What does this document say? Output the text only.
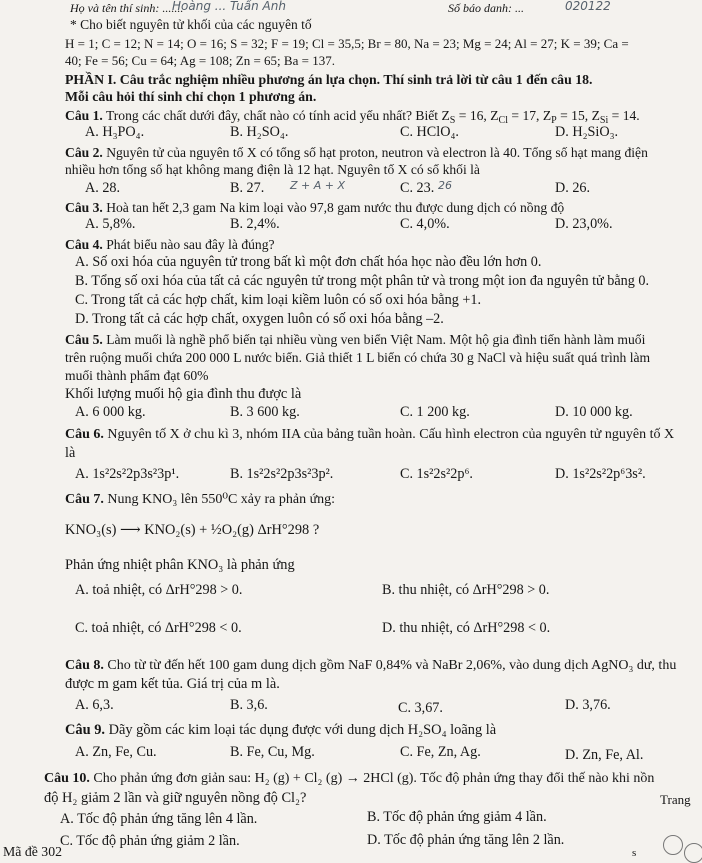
Họ và tên thí sinh: .......
Hoàng ... Tuấn Anh	Số báo danh: ...	020122
* Cho biết nguyên tử khối của các nguyên tố
H = 1; C = 12; N = 14; O = 16; S = 32; F = 19; Cl = 35,5; Br = 80, Na = 23; Mg = 24; Al = 27; K = 39; Ca =
40; Fe = 56; Cu = 64; Ag = 108; Zn = 65; Ba = 137.
PHẦN I. Câu trắc nghiệm nhiều phương án lựa chọn. Thí sinh trả lời từ câu 1 đến câu 18.
Mỗi câu hỏi thí sinh chỉ chọn 1 phương án.
Câu 1. Trong các chất dưới đây, chất nào có tính acid yếu nhất? Biết $Z_S = 16$, $Z_{Cl} = 17$, $Z_P = 15$, $Z_{Si} = 14$.
A. H₃PO₄.	B. H₂SO₄.	C. HClO₄.	D. H₂SiO₃.
Câu 2. Nguyên tử của nguyên tố X có tổng số hạt proton, neutron và electron là 40. Tổng số hạt mang điện
nhiều hơn tổng số hạt không mang điện là 12 hạt. Nguyên tố X có số khối là
A. 28.	B. 27. Z + A + X	C. 23. 26	D. 26.
Câu 3. Hoà tan hết 2,3 gam Na kim loại vào 97,8 gam nước thu được dung dịch có nồng độ
A. 5,8%.	B. 2,4%.	C. 4,0%.	D. 23,0%.
Câu 4. Phát biểu nào sau đây là đúng?
A. Số oxi hóa của nguyên tử trong bất kì một đơn chất hóa học nào đều lớn hơn 0.
B. Tổng số oxi hóa của tất cả các nguyên tử trong một phân tử và trong một ion đa nguyên tử bằng 0.
C. Trong tất cả các hợp chất, kim loại kiềm luôn có số oxi hóa bằng +1.
D. Trong tất cả các hợp chất, oxygen luôn có số oxi hóa bằng –2.
Câu 5. Làm muối là nghề phổ biến tại nhiều vùng ven biển Việt Nam. Một hộ gia đình tiến hành làm muối
trên ruộng muối chứa 200 000 L nước biển. Giả thiết 1 L biển có chứa 30 g NaCl và hiệu suất quá trình làm
muối thành phẩm đạt 60%
Khối lượng muối hộ gia đình thu được là
A. 6 000 kg.	B. 3 600 kg.	C. 1 200 kg.	D. 10 000 kg.
Câu 6. Nguyên tố X ở chu kì 3, nhóm IIA của bảng tuần hoàn. Cấu hình electron của nguyên tử nguyên tố X
là
A. 1s²2s²2p3s²3p¹.	B. 1s²2s²2p3s²3p².	C. 1s²2s²2p⁶.	D. 1s²2s²2p⁶3s².
Câu 7. Nung KNO₃ lên 550⁰C xảy ra phản ứng:
KNO₃(s) ⟶ KNO₂(s) + ½O₂(g) ΔrH°298 ?
Phản ứng nhiệt phân KNO₃ là phản ứng
A. toả nhiệt, có ΔrH°298 > 0.	B. thu nhiệt, có ΔrH°298 > 0.
C. toả nhiệt, có ΔrH°298 < 0.	D. thu nhiệt, có ΔrH°298 < 0.
Câu 8. Cho từ từ đến hết 100 gam dung dịch gồm NaF 0,84% và NaBr 2,06%, vào dung dịch AgNO₃ dư, thu
được m gam kết tủa. Giá trị của m là.
A. 6,3.	B. 3,6.	C. 3,67.	D. 3,76.
Câu 9. Dãy gồm các kim loại tác dụng được với dung dịch H₂SO₄ loãng là
A. Zn, Fe, Cu.	B. Fe, Cu, Mg.	C. Fe, Zn, Ag.	D. Zn, Fe, Al.
Câu 10. Cho phản ứng đơn giản sau: H₂ (g) + Cl₂ (g) → 2HCl (g). Tốc độ phản ứng thay đổi thế nào khi nồn
độ H₂ giảm 2 lần và giữ nguyên nồng độ Cl₂?
A. Tốc độ phản ứng tăng lên 4 lần.	B. Tốc độ phản ứng giảm 4 lần.
C. Tốc độ phản ứng giảm 2 lần.	D. Tốc độ phản ứng tăng lên 2 lần.
Trang
Mã đề 302	s
